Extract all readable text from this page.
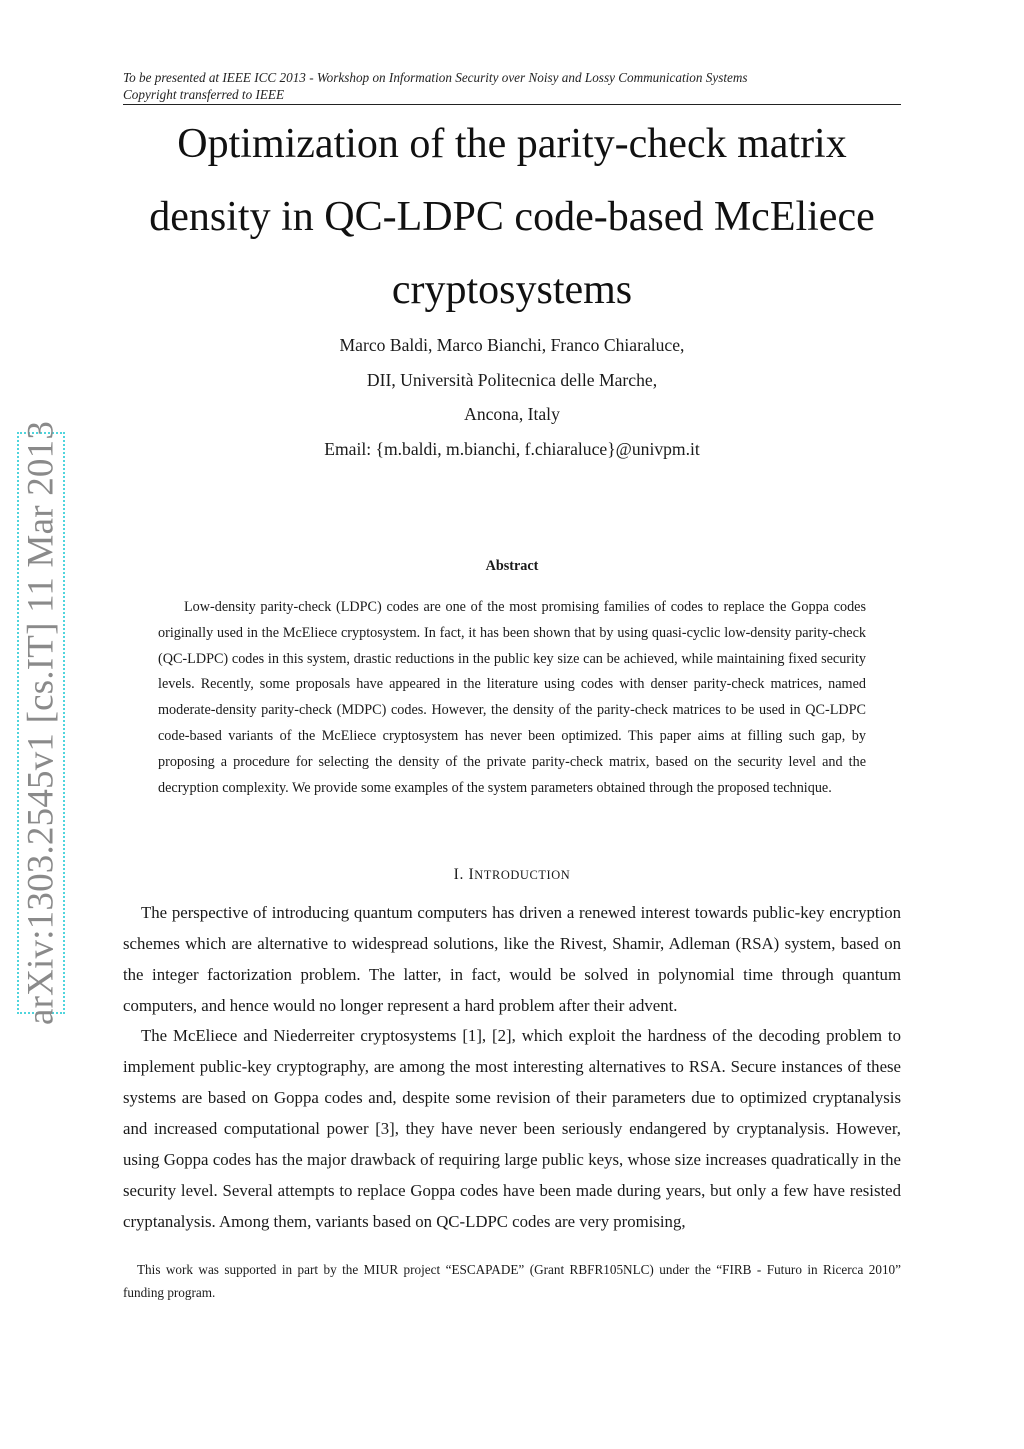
To be presented at IEEE ICC 2013 - Workshop on Information Security over Noisy and Lossy Communication Systems
Copyright transferred to IEEE
Optimization of the parity-check matrix
density in QC-LDPC code-based McEliece
cryptosystems
Marco Baldi, Marco Bianchi, Franco Chiaraluce,
DII, Università Politecnica delle Marche,
Ancona, Italy
Email: {m.baldi, m.bianchi, f.chiaraluce}@univpm.it
arXiv:1303.2545v1 [cs.IT] 11 Mar 2013	Abstract

Low-density parity-check (LDPC) codes are one of the most promising families of codes to replace the Goppa codes originally used in the McEliece cryptosystem. In fact, it has been shown that by using quasi-cyclic low-density parity-check (QC-LDPC) codes in this system, drastic reductions in the public key size can be achieved, while maintaining fixed security levels. Recently, some proposals have appeared in the literature using codes with denser parity-check matrices, named moderate-density parity-check (MDPC) codes. However, the density of the parity-check matrices to be used in QC-LDPC code-based variants of the McEliece cryptosystem has never been optimized. This paper aims at filling such gap, by proposing a procedure for selecting the density of the private parity-check matrix, based on the security level and the decryption complexity. We provide some examples of the system parameters obtained through the proposed technique.

I. INTRODUCTION

The perspective of introducing quantum computers has driven a renewed interest towards public-key encryption schemes which are alternative to widespread solutions, like the Rivest, Shamir, Adleman (RSA) system, based on the integer factorization problem. The latter, in fact, would be solved in polynomial time through quantum computers, and hence would no longer represent a hard problem after their advent.

The McEliece and Niederreiter cryptosystems [1], [2], which exploit the hardness of the decoding problem to implement public-key cryptography, are among the most interesting alternatives to RSA. Secure instances of these systems are based on Goppa codes and, despite some revision of their parameters due to optimized cryptanalysis and increased computational power [3], they have never been seriously endangered by cryptanalysis. However, using Goppa codes has the major drawback of requiring large public keys, whose size increases quadratically in the security level. Several attempts to replace Goppa codes have been made during years, but only a few have resisted cryptanalysis. Among them, variants based on QC-LDPC codes are very promising,

This work was supported in part by the MIUR project “ESCAPADE” (Grant RBFR105NLC) under the “FIRB - Futuro in Ricerca 2010” funding program.
